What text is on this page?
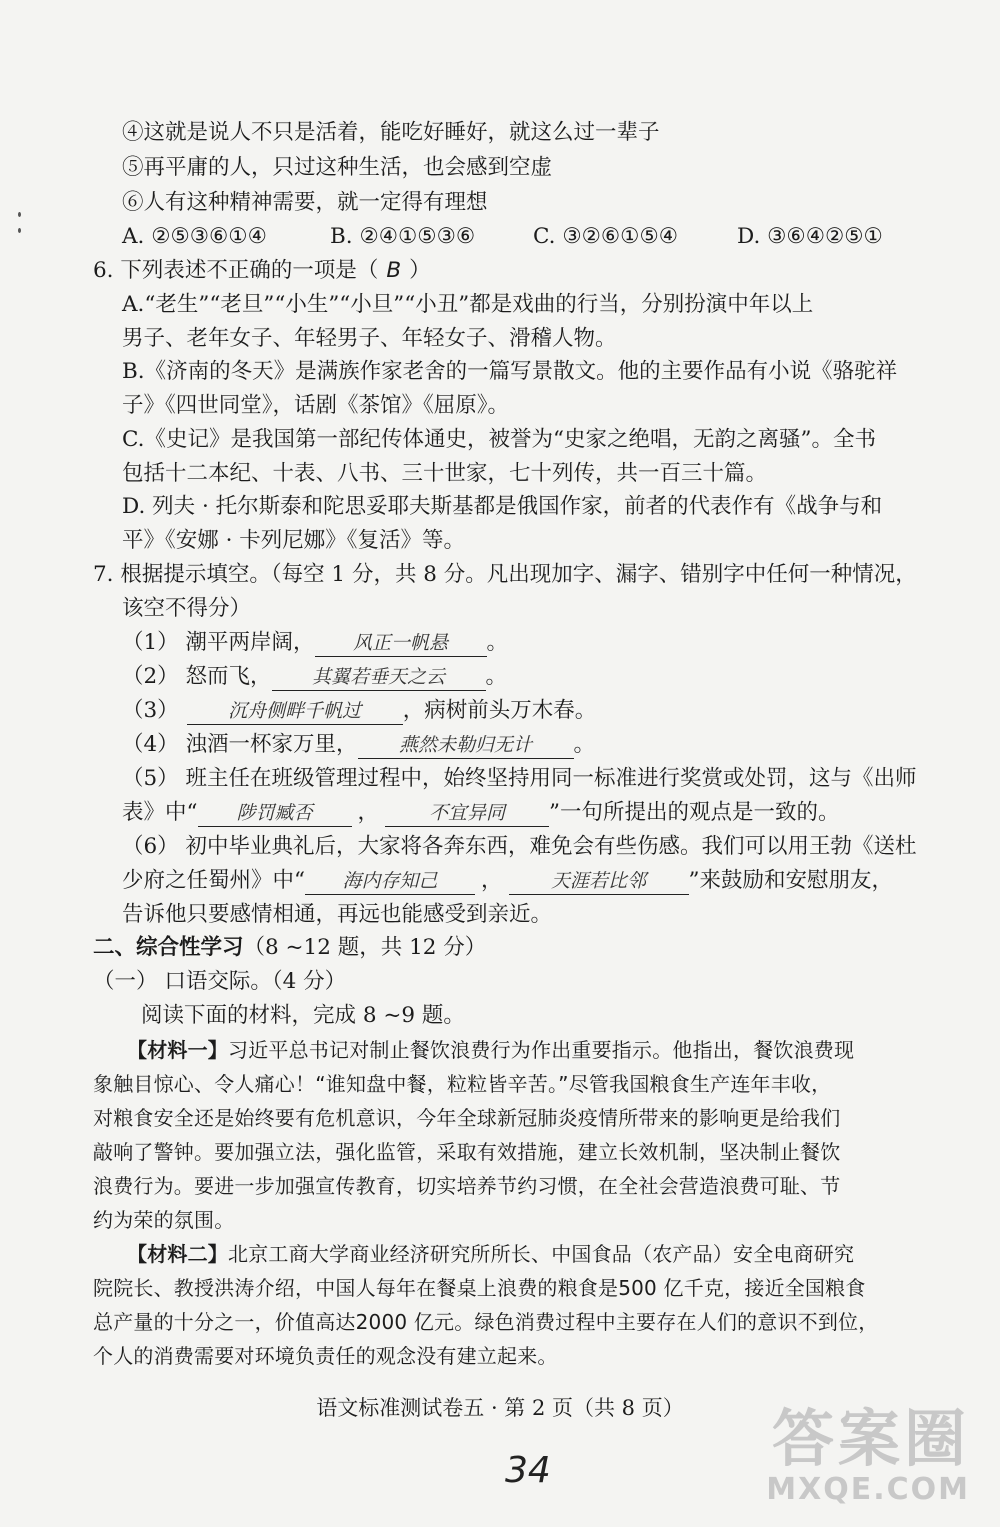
④这就是说人不只是活着，能吃好睡好，就这么过一辈子
⑤再平庸的人，只过这种生活，也会感到空虚
⑥人有这种精神需要，就一定得有理想
A. ②⑤③⑥①④	B. ②④①⑤③⑥	C. ③②⑥①⑤④	D. ③⑥④②⑤①
6. 下列表述不正确的一项是（ B ）
A.“老生”“老旦”“小生”“小旦”“小丑”都是戏曲的行当，分别扮演中年以上
男子、老年女子、年轻男子、年轻女子、滑稽人物。
B.《济南的冬天》是满族作家老舍的一篇写景散文。他的主要作品有小说《骆驼祥
子》《四世同堂》，话剧《茶馆》《屈原》。
C.《史记》是我国第一部纪传体通史，被誉为“史家之绝唱，无韵之离骚”。全书
包括十二本纪、十表、八书、三十世家，七十列传，共一百三十篇。
D. 列夫 · 托尔斯泰和陀思妥耶夫斯基都是俄国作家，前者的代表作有《战争与和
平》《安娜 · 卡列尼娜》《复活》等。
7. 根据提示填空。（每空 1 分，共 8 分。凡出现加字、漏字、错别字中任何一种情况，
该空不得分）
（1） 潮平两岸阔， 风正一帆悬 。
（2） 怒而飞， 其翼若垂天之云 。
（3）	沉舟侧畔千帆过 ，病树前头万木春。
（4） 浊酒一杯家万里， 燕然未勒归无计 。
（5） 班主任在班级管理过程中，始终坚持用同一标准进行奖赏或处罚，这与《出师
表》中“ 陟罚臧否 ，	不宜异同 ”一句所提出的观点是一致的。
（6） 初中毕业典礼后，大家将各奔东西，难免会有些伤感。我们可以用王勃《送杜
少府之任蜀州》中“ 海内存知己 ，	天涯若比邻 ”来鼓励和安慰朋友，
告诉他只要感情相通，再远也能感受到亲近。
二、综合性学习（8 ~12 题，共 12 分）
（一） 口语交际。（4 分）
阅读下面的材料，完成 8 ~9 题。
【材料一】习近平总书记对制止餐饮浪费行为作出重要指示。他指出，餐饮浪费现
象触目惊心、令人痛心！“谁知盘中餐，粒粒皆辛苦。”尽管我国粮食生产连年丰收，
对粮食安全还是始终要有危机意识，今年全球新冠肺炎疫情所带来的影响更是给我们
敲响了警钟。要加强立法，强化监管，采取有效措施，建立长效机制，坚决制止餐饮
浪费行为。要进一步加强宣传教育，切实培养节约习惯，在全社会营造浪费可耻、节
约为荣的氛围。
【材料二】北京工商大学商业经济研究所所长、中国食品（农产品）安全电商研究
院院长、教授洪涛介绍，中国人每年在餐桌上浪费的粮食是500 亿千克，接近全国粮食
总产量的十分之一，价值高达2000 亿元。绿色消费过程中主要存在人们的意识不到位，
个人的消费需要对环境负责任的观念没有建立起来。
语文标准测试卷五 · 第 2 页（共 8 页）
34	答案圈
MXQE.COM
